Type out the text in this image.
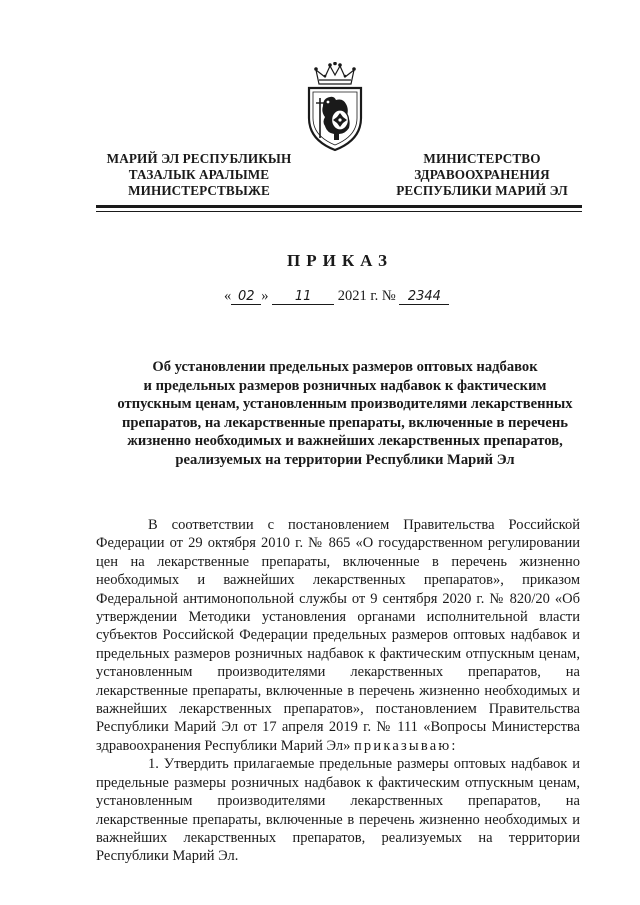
МАРИЙ ЭЛ РЕСПУБЛИКЫН
ТАЗАЛЫК АРАЛЫМЕ
МИНИСТЕРСТВЫЖЕ
МИНИСТЕРСТВО
ЗДРАВООХРАНЕНИЯ
РЕСПУБЛИКИ МАРИЙ ЭЛ
ПРИКАЗ
« 02 » 11 2021 г. № 2344
Об установлении предельных размеров оптовых надбавок
и предельных размеров розничных надбавок к фактическим
отпускным ценам, установленным производителями лекарственных
препаратов, на лекарственные препараты, включенные в перечень
жизненно необходимых и важнейших лекарственных препаратов,
реализуемых на территории Республики Марий Эл

В соответствии с постановлением Правительства Российской Федерации от 29 октября 2010 г. № 865 «О государственном регулировании цен на лекарственные препараты, включенные в перечень жизненно необходимых и важнейших лекарственных препаратов», приказом Федеральной антимонопольной службы от 9 сентября 2020 г. № 820/20 «Об утверждении Методики установления органами исполнительной власти субъектов Российской Федерации предельных размеров оптовых надбавок и предельных размеров розничных надбавок к фактическим отпускным ценам, установленным производителями лекарственных препаратов, на лекарственные препараты, включенные в перечень жизненно необходимых и важнейших лекарственных препаратов», постановлением Правительства Республики Марий Эл от 17 апреля 2019 г. № 111 «Вопросы Министерства здравоохранения Республики Марий Эл» приказываю:

1. Утвердить прилагаемые предельные размеры оптовых надбавок и предельные размеры розничных надбавок к фактическим отпускным ценам, установленным производителями лекарственных препаратов, на лекарственные препараты, включенные в перечень жизненно необходимых и важнейших лекарственных препаратов, реализуемых на территории Республики Марий Эл.
